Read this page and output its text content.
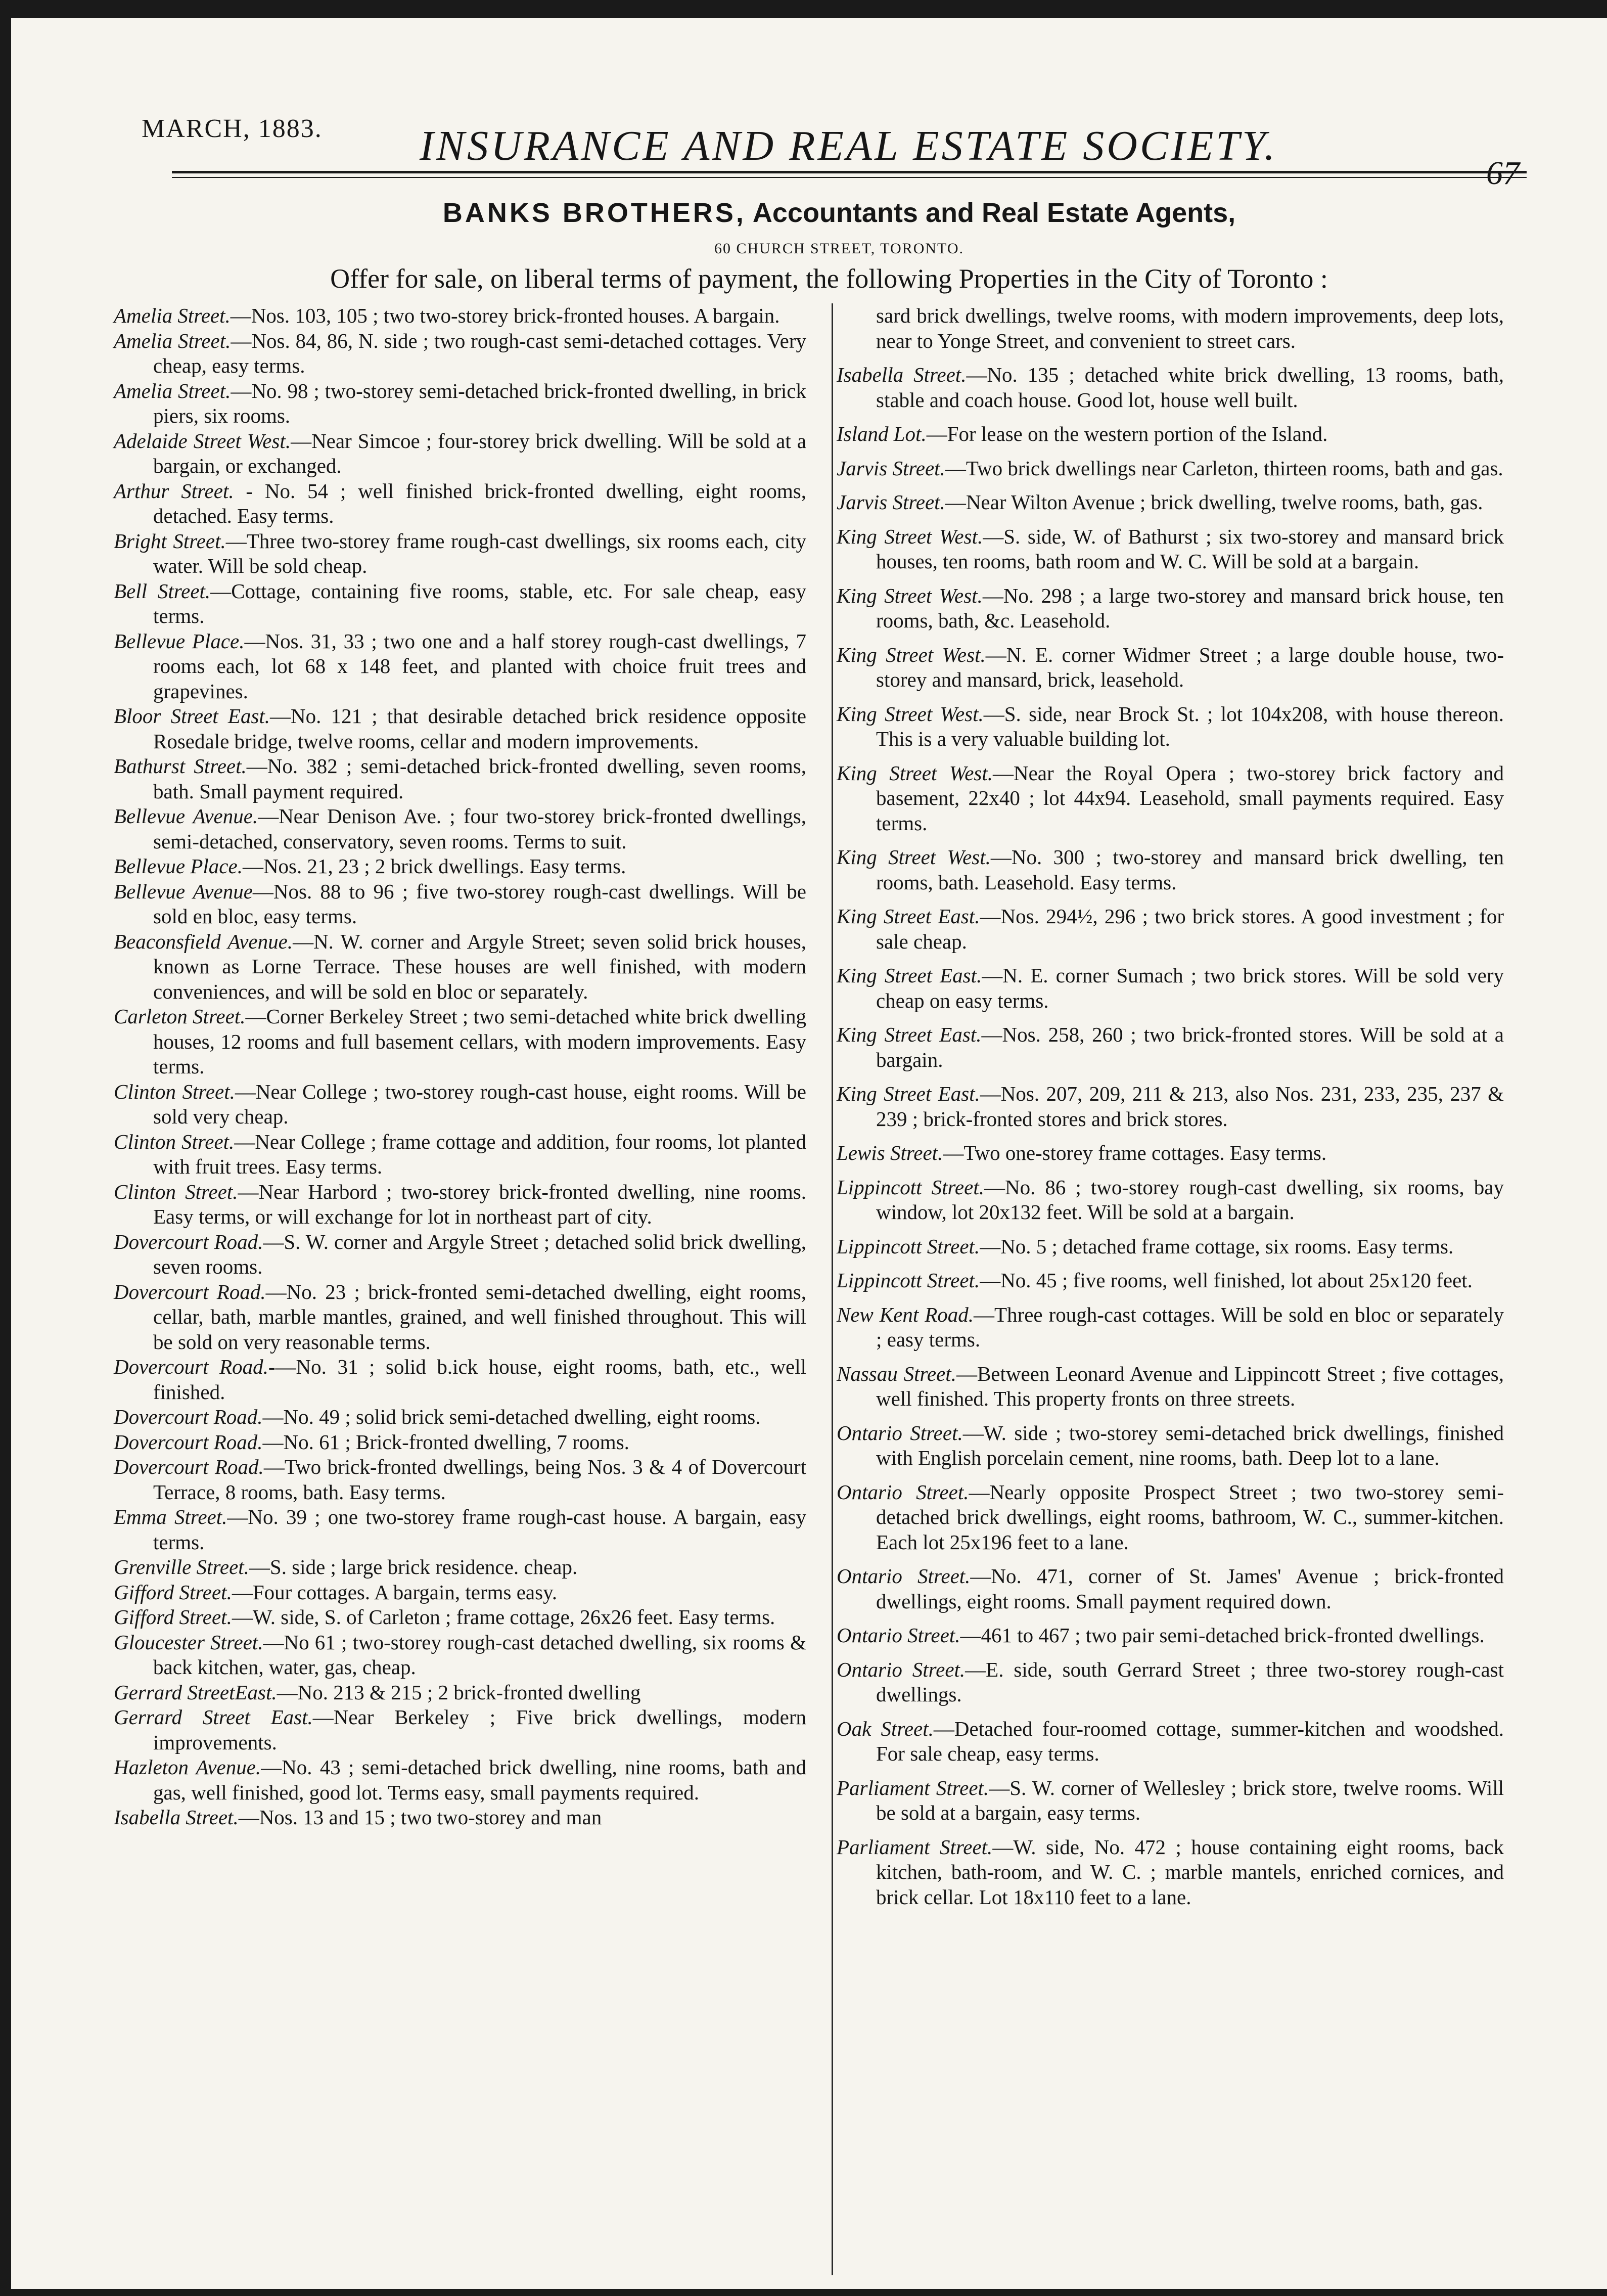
MARCH, 1883. INSURANCE AND REAL ESTATE SOCIETY.
BANKS BROTHERS, Accountants and Real Estate Agents,
60 CHURCH STREET, TORONTO.
Offer for sale, on liberal terms of payment, the following Properties in the City of Toronto :

Amelia Street.—Nos. 103, 105 ; two two-storey brick-fronted houses. A bargain.

Amelia Street.—Nos. 84, 86, N. side ; two rough-cast semi-detached cottages. Very cheap, easy terms.

Amelia Street.—No. 98 ; two-storey semi-detached brick-fronted dwelling, in brick piers, six rooms.

Adelaide Street West.—Near Simcoe ; four-storey brick dwelling. Will be sold at a bargain, or exchanged.

Arthur Street. - No. 54 ; well finished brick-fronted dwelling, eight rooms, detached. Easy terms.

Bright Street.—Three two-storey frame rough-cast dwellings, six rooms each, city water. Will be sold cheap.

Bell Street.—Cottage, containing five rooms, stable, etc. For sale cheap, easy terms.

Bellevue Place.—Nos. 31, 33 ; two one and a half storey rough-cast dwellings, 7 rooms each, lot 68 x 148 feet, and planted with choice fruit trees and grapevines.

Bloor Street East.—No. 121 ; that desirable detached brick residence opposite Rosedale bridge, twelve rooms, cellar and modern improvements.

Bathurst Street.—No. 382 ; semi-detached brick-fronted dwelling, seven rooms, bath. Small payment required.

Bellevue Avenue.—Near Denison Ave. ; four two-storey brick-fronted dwellings, semi-detached, conservatory, seven rooms. Terms to suit.

Bellevue Place.—Nos. 21, 23 ; 2 brick dwellings. Easy terms.

Bellevue Avenue—Nos. 88 to 96 ; five two-storey rough-cast dwellings. Will be sold en bloc, easy terms.

Beaconsfield Avenue.—N. W. corner and Argyle Street; seven solid brick houses, known as Lorne Terrace. These houses are well finished, with modern conveniences, and will be sold en bloc or separately.

Carleton Street.—Corner Berkeley Street ; two semi-detached white brick dwelling houses, 12 rooms and full basement cellars, with modern improvements. Easy terms.

Clinton Street.—Near College ; two-storey rough-cast house, eight rooms. Will be sold very cheap.

Clinton Street.—Near College ; frame cottage and addition, four rooms, lot planted with fruit trees. Easy terms.

Clinton Street.—Near Harbord ; two-storey brick-fronted dwelling, nine rooms. Easy terms, or will exchange for lot in northeast part of city.

Dovercourt Road.—S. W. corner and Argyle Street ; detached solid brick dwelling, seven rooms.

Dovercourt Road.—No. 23 ; brick-fronted semi-detached dwelling, eight rooms, cellar, bath, marble mantles, grained, and well finished throughout. This will be sold on very reasonable terms.

Dovercourt Road.-—No. 31 ; solid b.ick house, eight rooms, bath, etc., well finished.

Dovercourt Road.—No. 49 ; solid brick semi-detached dwelling, eight rooms.

Dovercourt Road.—No. 61 ; Brick-fronted dwelling, 7 rooms.

Dovercourt Road.—Two brick-fronted dwellings, being Nos. 3 & 4 of Dovercourt Terrace, 8 rooms, bath. Easy terms.

Emma Street.—No. 39 ; one two-storey frame rough-cast house. A bargain, easy terms.

Grenville Street.—S. side ; large brick residence. cheap.

Gifford Street.—Four cottages. A bargain, terms easy.

Gifford Street.—W. side, S. of Carleton ; frame cottage, 26x26 feet. Easy terms.

Gloucester Street.—No 61 ; two-storey rough-cast detached dwelling, six rooms & back kitchen, water, gas, cheap.

Gerrard StreetEast.—No. 213 & 215 ; 2 brick-fronted dwelling

Gerrard Street East.—Near Berkeley ; Five brick dwellings, modern improvements.

Hazleton Avenue.—No. 43 ; semi-detached brick dwelling, nine rooms, bath and gas, well finished, good lot. Terms easy, small payments required.

Isabella Street.—Nos. 13 and 15 ; two two-storey and man

sard brick dwellings, twelve rooms, with modern improvements, deep lots, near to Yonge Street, and convenient to street cars.

Isabella Street.—No. 135 ; detached white brick dwelling, 13 rooms, bath, stable and coach house. Good lot, house well built.

Island Lot.—For lease on the western portion of the Island.

Jarvis Street.—Two brick dwellings near Carleton, thirteen rooms, bath and gas.

Jarvis Street.—Near Wilton Avenue ; brick dwelling, twelve rooms, bath, gas.

King Street West.—S. side, W. of Bathurst ; six two-storey and mansard brick houses, ten rooms, bath room and W. C. Will be sold at a bargain.

King Street West.—No. 298 ; a large two-storey and mansard brick house, ten rooms, bath, &c. Leasehold.

King Street West.—N. E. corner Widmer Street ; a large double house, two-storey and mansard, brick, leasehold.

King Street West.—S. side, near Brock St. ; lot 104x208, with house thereon. This is a very valuable building lot.

King Street West.—Near the Royal Opera ; two-storey brick factory and basement, 22x40 ; lot 44x94. Leasehold, small payments required. Easy terms.

King Street West.—No. 300 ; two-storey and mansard brick dwelling, ten rooms, bath. Leasehold. Easy terms.

King Street East.—Nos. 294½, 296 ; two brick stores. A good investment ; for sale cheap.

King Street East.—N. E. corner Sumach ; two brick stores. Will be sold very cheap on easy terms.

King Street East.—Nos. 258, 260 ; two brick-fronted stores. Will be sold at a bargain.

King Street East.—Nos. 207, 209, 211 & 213, also Nos. 231, 233, 235, 237 & 239 ; brick-fronted stores and brick stores.

Lewis Street.—Two one-storey frame cottages. Easy terms.

Lippincott Street.—No. 86 ; two-storey rough-cast dwelling, six rooms, bay window, lot 20x132 feet. Will be sold at a bargain.

Lippincott Street.—No. 5 ; detached frame cottage, six rooms. Easy terms.

Lippincott Street.—No. 45 ; five rooms, well finished, lot about 25x120 feet.

New Kent Road.—Three rough-cast cottages. Will be sold en bloc or separately ; easy terms.

Nassau Street.—Between Leonard Avenue and Lippincott Street ; five cottages, well finished. This property fronts on three streets.

Ontario Street.—W. side ; two-storey semi-detached brick dwellings, finished with English porcelain cement, nine rooms, bath. Deep lot to a lane.

Ontario Street.—Nearly opposite Prospect Street ; two two-storey semi-detached brick dwellings, eight rooms, bathroom, W. C., summer-kitchen. Each lot 25x196 feet to a lane.

Ontario Street.—No. 471, corner of St. James' Avenue ; brick-fronted dwellings, eight rooms. Small payment required down.

Ontario Street.—461 to 467 ; two pair semi-detached brick-fronted dwellings.

Ontario Street.—E. side, south Gerrard Street ; three two-storey rough-cast dwellings.

Oak Street.—Detached four-roomed cottage, summer-kitchen and woodshed. For sale cheap, easy terms.

Parliament Street.—S. W. corner of Wellesley ; brick store, twelve rooms. Will be sold at a bargain, easy terms.

Parliament Street.—W. side, No. 472 ; house containing eight rooms, back kitchen, bath-room, and W. C. ; marble mantels, enriched cornices, and brick cellar. Lot 18x110 feet to a lane.
